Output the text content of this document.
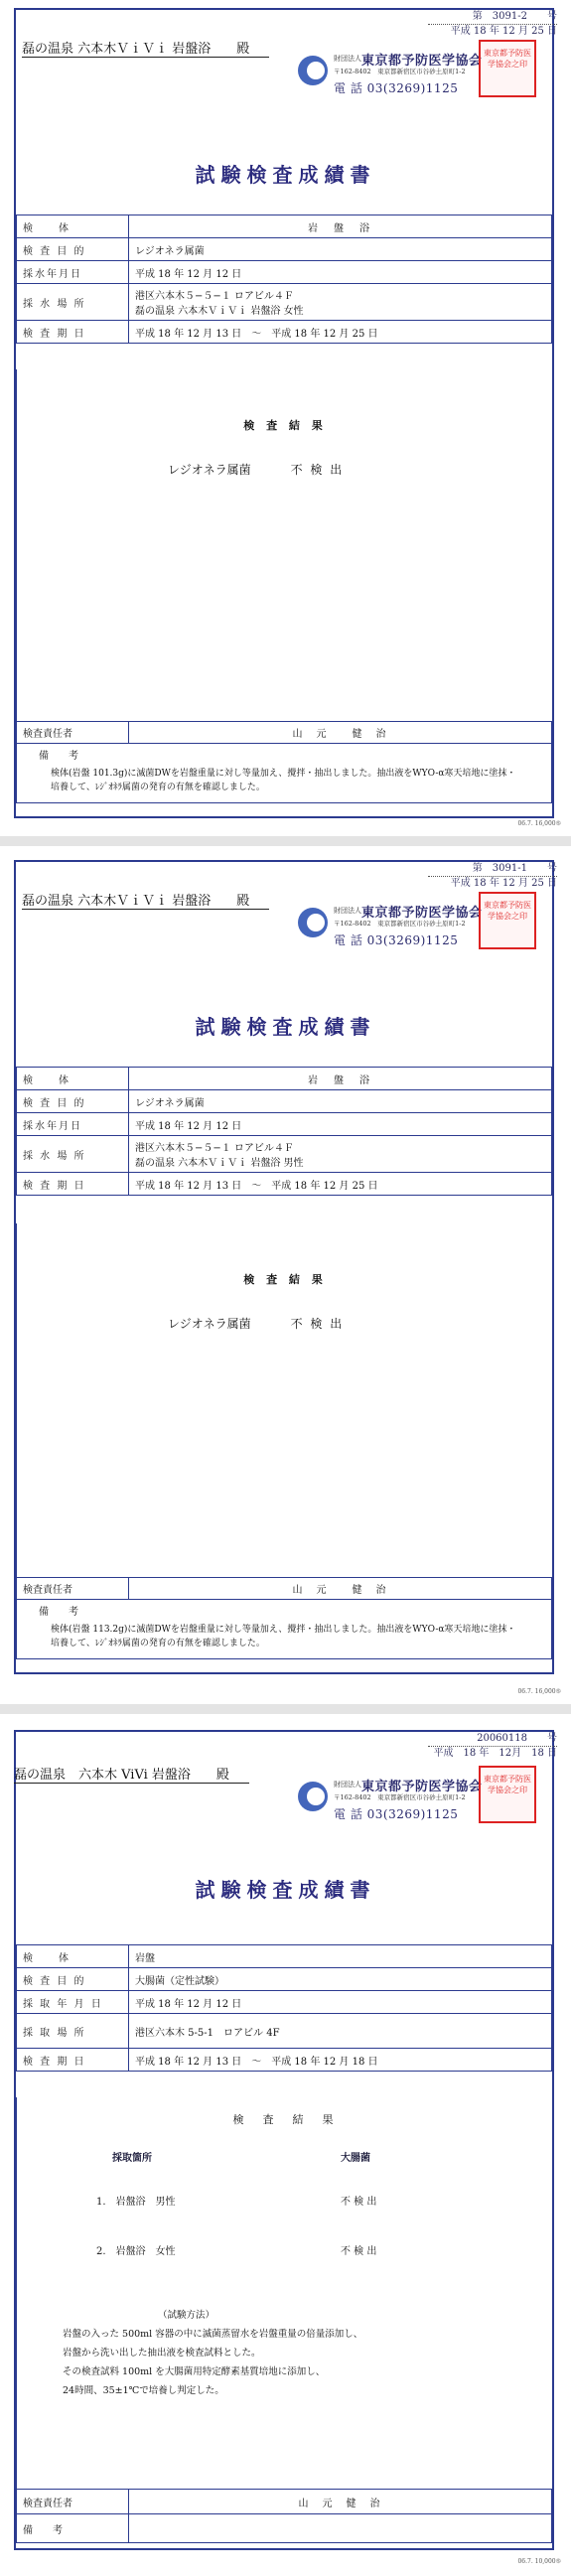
第　 3091-2　　 号
平成 18 年 12 月 25 日
磊の温泉 六本木ＶｉＶｉ 岩盤浴　　殿
財団法人 東京都予防医学協会
〒162-8402　東京都新宿区市谷砂土原町1-2
電 話 03(3269)1125
東京都予防医学協会之印
試験検査成績書
検　　体	岩　盤　浴
検 査 目 的	レジオネラ属菌
採水年月日	平成 18 年 12 月 12 日
採 水 場 所	港区六本木５−５−１ ロアビル４Ｆ
磊の温泉 六本木ＶｉＶｉ 岩盤浴 女性

検 査 期 日	平成 18 年 12 月 13 日　〜　平成 18 年 12 月 25 日
検 査 結 果
レジオネラ属菌	不 検 出
検査責任者	山　元　　健　治

備　　考
検体(岩盤 101.3g)に滅菌DWを岩盤重量に対し等量加え、攪拌・抽出しました。抽出液をWYO-α寒天培地に塗抹・培養して、ﾚｼﾞｵﾈﾗ属菌の発育の有無を確認しました。
06.7. 16,000⑤
第　 3091-1　　 号
平成 18 年 12 月 25 日
磊の温泉 六本木ＶｉＶｉ 岩盤浴　　殿
財団法人 東京都予防医学協会
〒162-8402　東京都新宿区市谷砂土原町1-2
電 話 03(3269)1125
東京都予防医学協会之印
試験検査成績書
検　　体	岩　盤　浴
検 査 目 的	レジオネラ属菌
採水年月日	平成 18 年 12 月 12 日
採 水 場 所	港区六本木５−５−１ ロアビル４Ｆ
磊の温泉 六本木ＶｉＶｉ 岩盤浴 男性

検 査 期 日	平成 18 年 12 月 13 日　〜　平成 18 年 12 月 25 日
検 査 結 果
レジオネラ属菌	不 検 出
検査責任者	山　元　　健　治

備　　考
検体(岩盤 113.2g)に滅菌DWを岩盤重量に対し等量加え、攪拌・抽出しました。抽出液をWYO-α寒天培地に塗抹・培養して、ﾚｼﾞｵﾈﾗ属菌の発育の有無を確認しました。
06.7. 16,000⑤
20060118　　 号
平成　18 年　12月　18 日
磊の温泉　六本木 ViVi 岩盤浴　　殿
財団法人 東京都予防医学協会
〒162-8402　東京都新宿区市谷砂土原町1-2
電 話 03(3269)1125
東京都予防医学協会之印
試験検査成績書
検　　体	岩盤
検 査 目 的	大腸菌（定性試験）
採 取 年 月 日	平成 18 年 12 月 12 日
採 取 場 所	港区六本木 5-5-1　ロアビル 4F
検 査 期 日	平成 18 年 12 月 13 日　〜　平成 18 年 12 月 18 日
検　査　結　果
採取箇所	大腸菌
1.　岩盤浴　男性	不 検 出
2.　岩盤浴　女性	不 検 出
（試験方法）
岩盤の入った 500ml 容器の中に滅菌蒸留水を岩盤重量の倍量添加し、
岩盤から洗い出した抽出液を検査試料とした。
その検査試料 100ml を大腸菌用特定酵素基質培地に添加し、
24時間、35±1℃で培養し判定した。
検査責任者	山　元　健　治
備　　考	
06.7. 10,000⑤
